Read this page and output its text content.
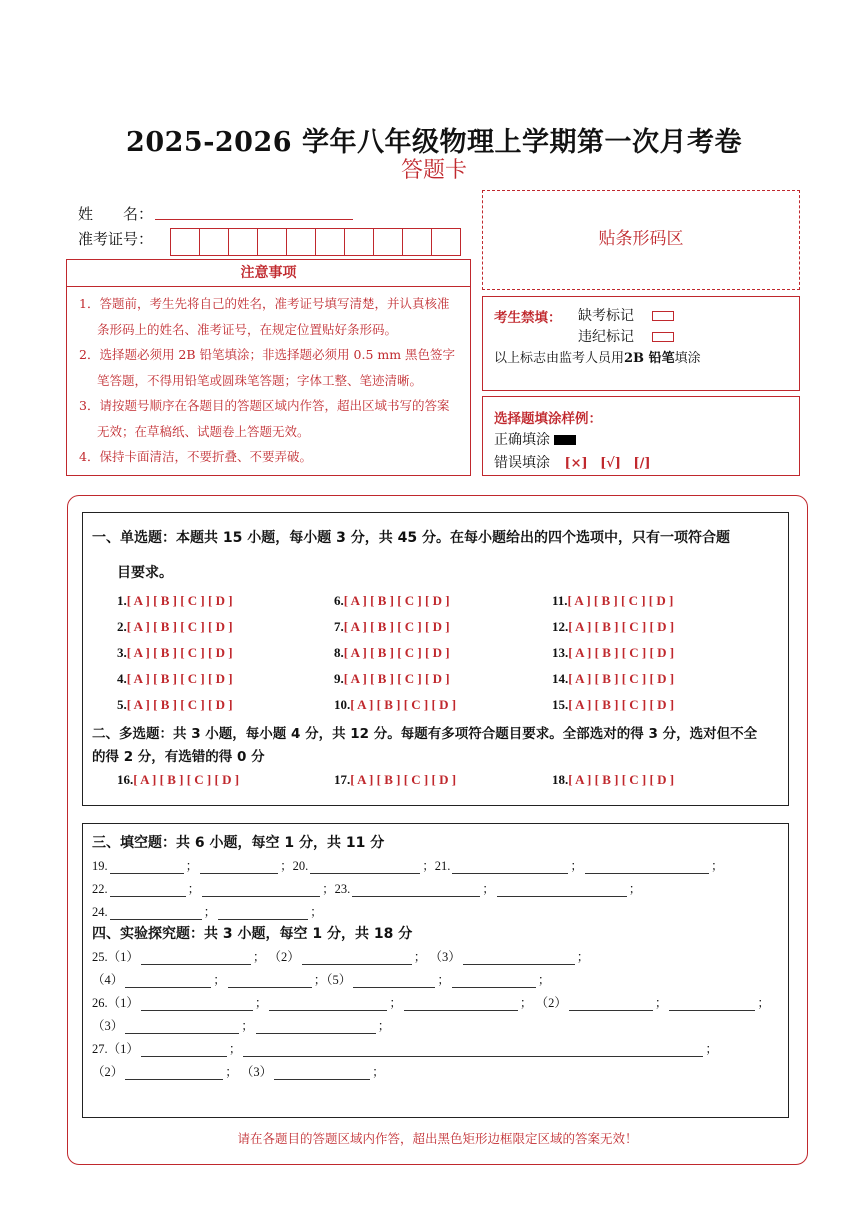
2025-2026 学年八年级物理上学期第一次月考卷
答题卡
姓　　名：
准考证号：	贴条形码区
注意事项
1．答题前，考生先将自己的姓名，准考证号填写清楚，并认真核准条形码上的姓名、准考证号，在规定位置贴好条形码。
2．选择题必须用 2B 铅笔填涂；非选择题必须用 0.5 mm 黑色签字笔答题，不得用铅笔或圆珠笔答题；字体工整、笔迹清晰。
3．请按题号顺序在各题目的答题区域内作答，超出区域书写的答案无效；在草稿纸、试题卷上答题无效。
4．保持卡面清洁，不要折叠、不要弄破。
考生禁填： 缺考标记
违纪标记
以上标志由监考人员用2B 铅笔填涂
选择题填涂样例：
正确填涂
错误填涂 [×] [√] [/]
一、单选题：本题共 15 小题，每小题 3 分，共 45 分。在每小题给出的四个选项中，只有一项符合题
目要求。
1.[ A ] [ B ] [ C ] [ D ]
2.[ A ] [ B ] [ C ] [ D ]
3.[ A ] [ B ] [ C ] [ D ]
4.[ A ] [ B ] [ C ] [ D ]
5.[ A ] [ B ] [ C ] [ D ]
6.[ A ] [ B ] [ C ] [ D ]
7.[ A ] [ B ] [ C ] [ D ]
8.[ A ] [ B ] [ C ] [ D ]
9.[ A ] [ B ] [ C ] [ D ]
10.[ A ] [ B ] [ C ] [ D ]
11.[ A ] [ B ] [ C ] [ D ]
12.[ A ] [ B ] [ C ] [ D ]
13.[ A ] [ B ] [ C ] [ D ]
14.[ A ] [ B ] [ C ] [ D ]
15.[ A ] [ B ] [ C ] [ D ]
二、多选题：共 3 小题，每小题 4 分，共 12 分。每题有多项符合题目要求。全部选对的得 3 分，选对但不全
的得 2 分，有选错的得 0 分
16.[ A ] [ B ] [ C ] [ D ]	17.[ A ] [ B ] [ C ] [ D ]	18.[ A ] [ B ] [ C ] [ D ]
三、填空题：共 6 小题，每空 1 分，共 11 分
19.	；	；20.	；21.	；	；
22.	；	；23.	；	；
24.	；	；
四、实验探究题：共 3 小题，每空 1 分，共 18 分
25.（1）	； （2）	； （3）	；
（4）	；	；（5）	；	；
26.（1）	；	；	； （2）	；	；
（3）	；	；
27.（1）	；	；
（2）	； （3）	；
请在各题目的答题区域内作答，超出黑色矩形边框限定区域的答案无效！
